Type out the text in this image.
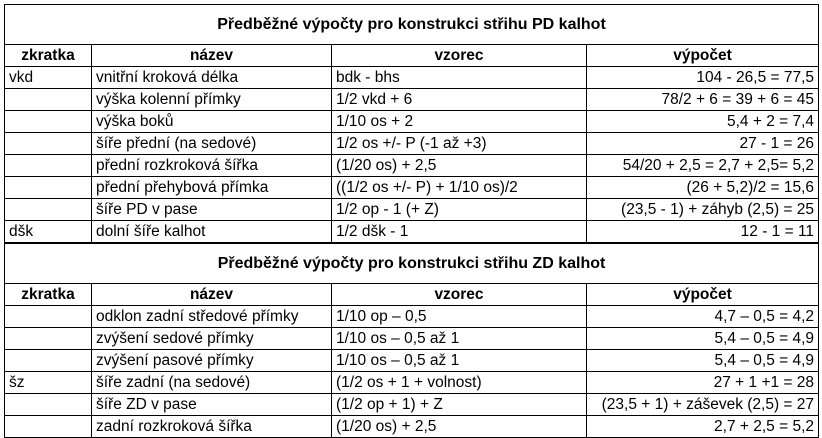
Předběžné výpočty pro konstrukci střihu PD kalhot			
zkratka	název	vzorec	výpočet
vkd	vnitřní kroková délka	bdk - bhs	104 - 26,5 = 77,5
	výška kolenní přímky	1/2 vkd + 6	78/2 + 6 = 39 + 6 = 45
	výška boků	1/10 os + 2	5,4 + 2 = 7,4
	šíře přední (na sedové)	1/2 os +/- P (-1 až +3)	27 - 1 = 26
	přední rozkroková šířka	(1/20 os) + 2,5	54/20 + 2,5 = 2,7 + 2,5= 5,2
	přední přehybová přímka	((1/2 os +/- P) + 1/10 os)/2	(26 + 5,2)/2 = 15,6
	šíře PD v pase	1/2 op - 1 (+ Z)	(23,5 - 1) + záhyb (2,5) = 25
dšk	dolní šíře kalhot	1/2 dšk - 1	12 - 1 = 11
Předběžné výpočty pro konstrukci střihu ZD kalhot			
zkratka	název	vzorec	výpočet
	odklon zadní středové přímky	1/10 op – 0,5	4,7 – 0,5 = 4,2
	zvýšení sedové přímky	1/10 os – 0,5 až 1	5,4 – 0,5 = 4,9
	zvýšení pasové přímky	1/10 os – 0,5 až 1	5,4 – 0,5 = 4,9
šz	šíře zadní (na sedové)	(1/2 os + 1 + volnost)	27 + 1 +1 = 28
	šíře ZD v pase	(1/2 op + 1) + Z	(23,5 + 1) + záševek (2,5) = 27
	zadní rozkroková šířka	(1/20 os) + 2,5	2,7 + 2,5 = 5,2
